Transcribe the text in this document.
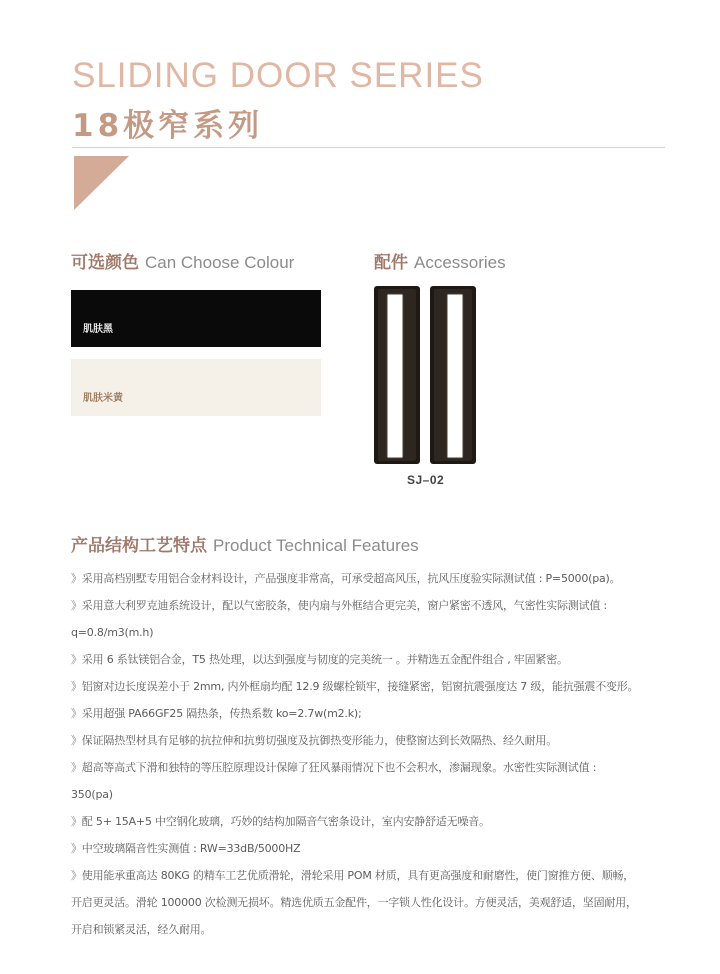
SLIDING DOOR SERIES
18极窄系列
可选颜色 Can Choose Colour
肌肤黑
肌肤米黄
配件 Accessories
SJ–02
产品结构工艺特点 Product Technical Features
》采用高档别墅专用铝合金材料设计，产品强度非常高，可承受超高风压，抗风压度验实际测试值 : P=5000(pa)。
》采用意大利罗克迪系统设计，配以气密胶条，使内扇与外框结合更完美，窗户紧密不透风，气密性实际测试值 :
q=0.8/m3(m.h)
》采用 6 系钛镁铝合金，T5 热处理，以达到强度与韧度的完美统一 。并精选五金配件组合 , 牢固紧密。
》铝窗对边长度误差小于 2mm, 内外框扇均配 12.9 级螺栓锁牢，接缝紧密，铝窗抗震强度达 7 级，能抗强震不变形。
》采用超强 PA66GF25 隔热条，传热系数 ko=2.7w(m2.k);
》保证隔热型材具有足够的抗拉伸和抗剪切强度及抗御热变形能力，使整窗达到长效隔热、经久耐用。
》超高等高式下滑和独特的等压腔原理设计保障了狂风暴雨情况下也不会积水，渗漏现象。水密性实际测试值 :
350(pa)
》配 5+ 15A+5 中空钢化玻璃，巧妙的结构加隔音气密条设计，室内安静舒适无噪音。
》中空玻璃隔音性实测值 : RW=33dB/5000HZ
》使用能承重高达 80KG 的精车工艺优质滑轮，滑轮采用 POM 材质，具有更高强度和耐磨性，使门窗推方便、顺畅，
开启更灵活。滑轮 100000 次检测无损坏。精选优质五金配件，一字锁人性化设计。方便灵活，美观舒适，坚固耐用，
开启和锁紧灵活，经久耐用。
